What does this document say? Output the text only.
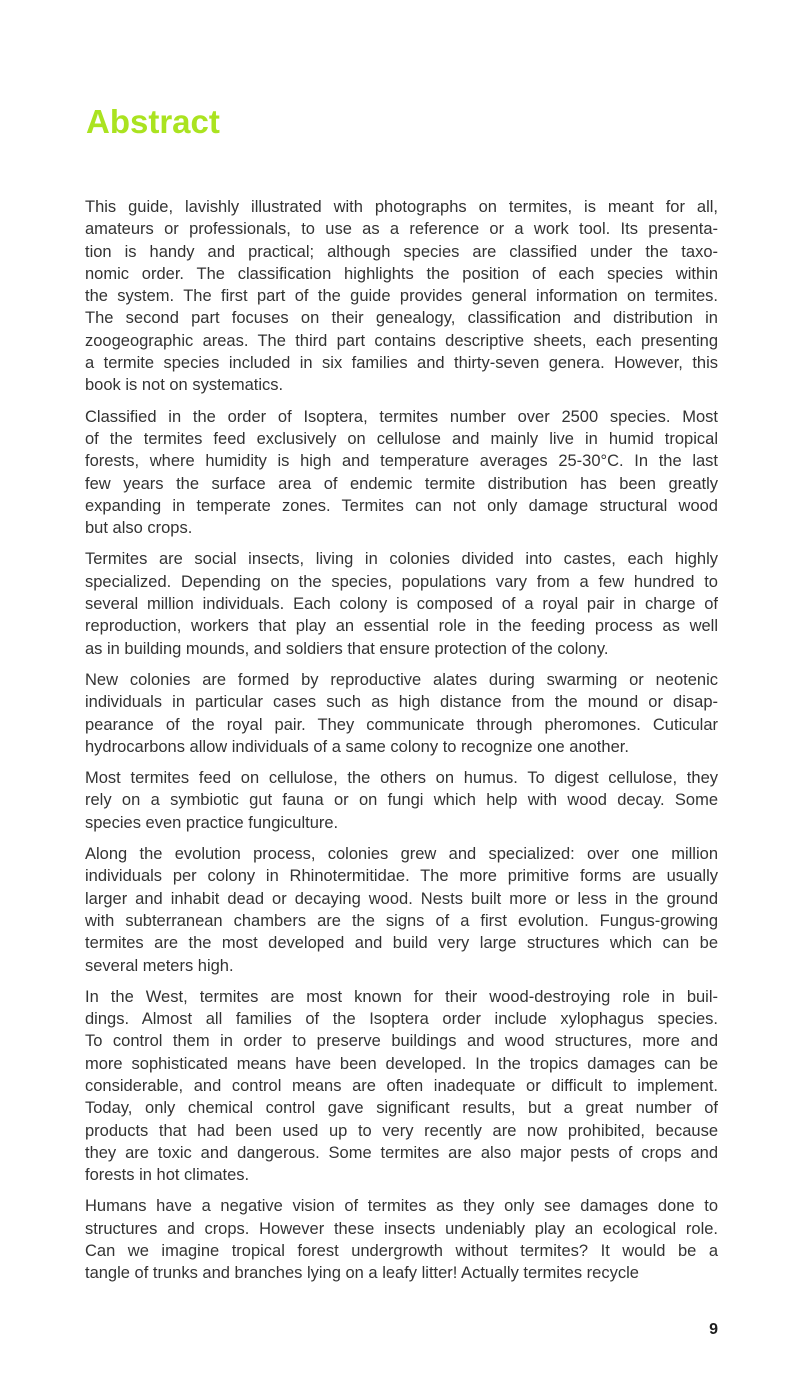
Abstract
This guide, lavishly illustrated with photographs on termites, is meant for all,
amateurs or professionals, to use as a reference or a work tool. Its presenta-
tion is handy and practical; although species are classified under the taxo-
nomic order. The classification highlights the position of each species within
the system. The first part of the guide provides general information on termites.
The second part focuses on their genealogy, classification and distribution in
zoogeographic areas. The third part contains descriptive sheets, each presenting
a termite species included in six families and thirty-seven genera. However, this
book is not on systematics.
Classified in the order of Isoptera, termites number over 2500 species. Most
of the termites feed exclusively on cellulose and mainly live in humid tropical
forests, where humidity is high and temperature averages 25-30°C. In the last
few years the surface area of endemic termite distribution has been greatly
expanding in temperate zones. Termites can not only damage structural wood
but also crops.
Termites are social insects, living in colonies divided into castes, each highly
specialized. Depending on the species, populations vary from a few hundred to
several million individuals. Each colony is composed of a royal pair in charge of
reproduction, workers that play an essential role in the feeding process as well
as in building mounds, and soldiers that ensure protection of the colony.
New colonies are formed by reproductive alates during swarming or neotenic
individuals in particular cases such as high distance from the mound or disap-
pearance of the royal pair. They communicate through pheromones. Cuticular
hydrocarbons allow individuals of a same colony to recognize one another.
Most termites feed on cellulose, the others on humus. To digest cellulose, they
rely on a symbiotic gut fauna or on fungi which help with wood decay. Some
species even practice fungiculture.
Along the evolution process, colonies grew and specialized: over one million
individuals per colony in Rhinotermitidae. The more primitive forms are usually
larger and inhabit dead or decaying wood. Nests built more or less in the ground
with subterranean chambers are the signs of a first evolution. Fungus-growing
termites are the most developed and build very large structures which can be
several meters high.
In the West, termites are most known for their wood-destroying role in buil-
dings. Almost all families of the Isoptera order include xylophagus species.
To control them in order to preserve buildings and wood structures, more and
more sophisticated means have been developed. In the tropics damages can be
considerable, and control means are often inadequate or difficult to implement.
Today, only chemical control gave significant results, but a great number of
products that had been used up to very recently are now prohibited, because
they are toxic and dangerous. Some termites are also major pests of crops and
forests in hot climates.
Humans have a negative vision of termites as they only see damages done to
structures and crops. However these insects undeniably play an ecological role.
Can we imagine tropical forest undergrowth without termites? It would be a
tangle of trunks and branches lying on a leafy litter! Actually termites recycle
9
